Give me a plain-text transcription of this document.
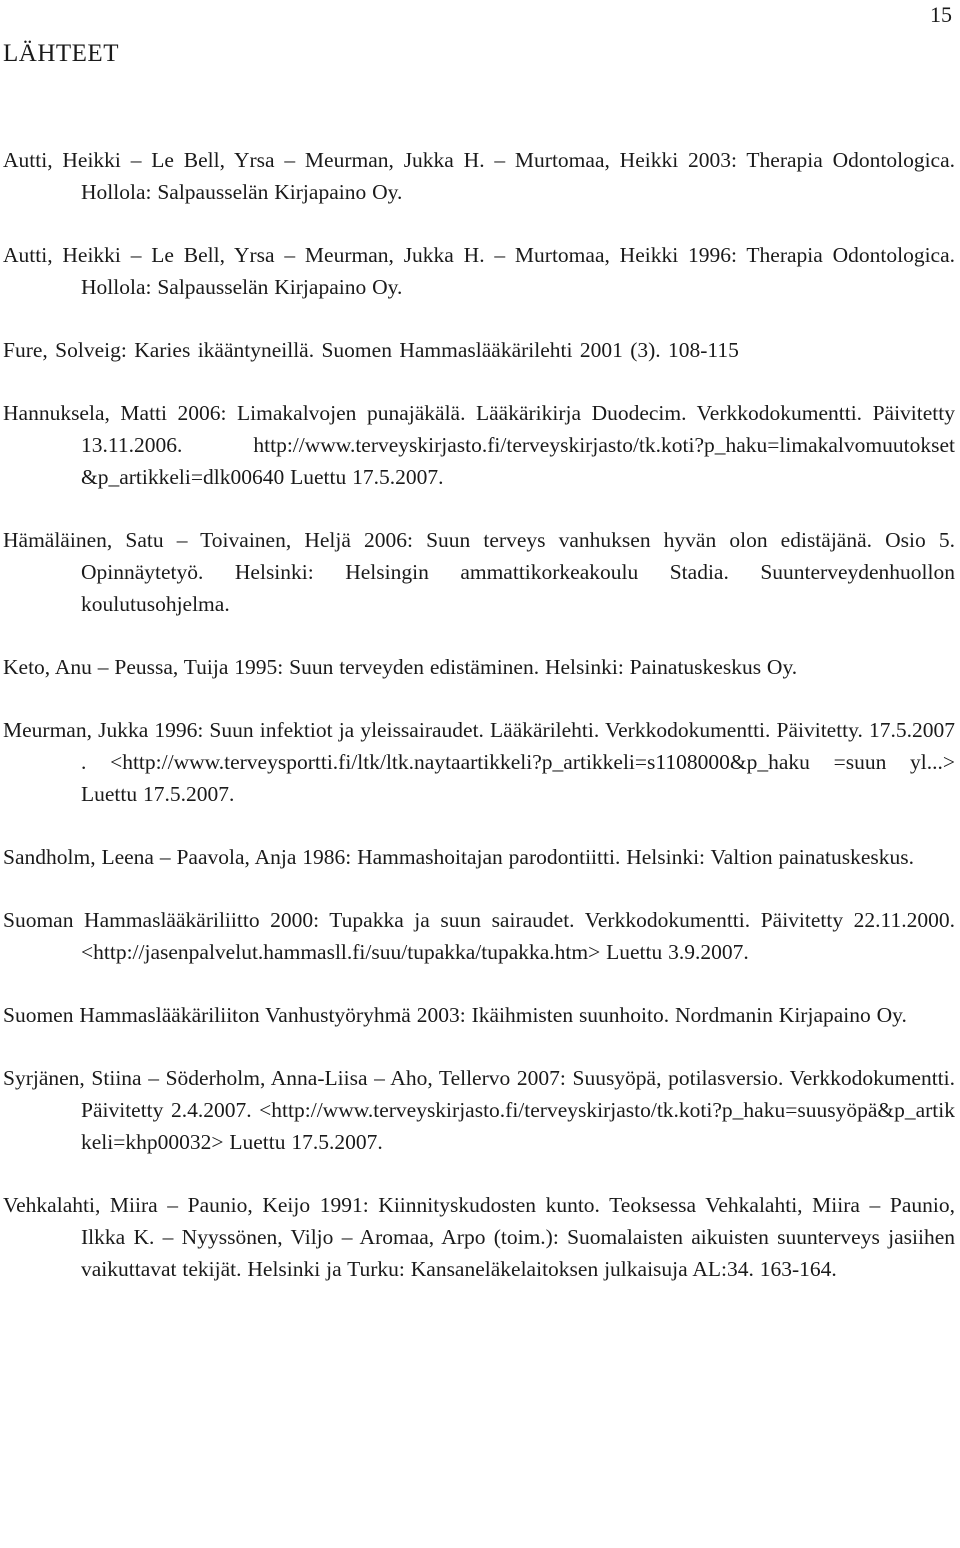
15
LÄHTEET

Autti, Heikki – Le Bell, Yrsa – Meurman, Jukka H. – Murtomaa, Heikki 2003: Therapia Odontologica. Hollola: Salpausselän Kirjapaino Oy.

Autti, Heikki – Le Bell, Yrsa – Meurman, Jukka H. – Murtomaa, Heikki 1996: Therapia Odontologica. Hollola: Salpausselän Kirjapaino Oy.

Fure, Solveig: Karies ikääntyneillä. Suomen Hammaslääkärilehti 2001 (3). 108-115

Hannuksela, Matti 2006: Limakalvojen punajäkälä. Lääkärikirja Duodecim. Verkkodokumentti. Päivitetty 13.11.2006. http://www.terveyskirjasto.fi/terveyskirjasto/tk.koti?p_haku=limakalvomuutokset &p_artikkeli=dlk00640 Luettu 17.5.2007.

Hämäläinen, Satu – Toivainen, Heljä 2006: Suun terveys vanhuksen hyvän olon edistäjänä. Osio 5. Opinnäytetyö. Helsinki: Helsingin ammattikorkeakoulu Stadia. Suunterveydenhuollon koulutusohjelma.

Keto, Anu – Peussa, Tuija 1995: Suun terveyden edistäminen. Helsinki: Painatuskeskus Oy.

Meurman, Jukka 1996: Suun infektiot ja yleissairaudet. Lääkärilehti. Verkkodokumentti. Päivitetty. 17.5.2007 . <http://www.terveysportti.fi/ltk/ltk.naytaartikkeli?p_artikkeli=s1108000&p_haku =suun yl...> Luettu 17.5.2007.

Sandholm, Leena – Paavola, Anja 1986: Hammashoitajan parodontiitti. Helsinki: Valtion painatuskeskus.

Suoman Hammaslääkäriliitto 2000: Tupakka ja suun sairaudet. Verkkodokumentti. Päivitetty 22.11.2000. <http://jasenpalvelut.hammasll.fi/suu/tupakka/tupakka.htm> Luettu 3.9.2007.

Suomen Hammaslääkäriliiton Vanhustyöryhmä 2003: Ikäihmisten suunhoito. Nordmanin Kirjapaino Oy.

Syrjänen, Stiina – Söderholm, Anna-Liisa – Aho, Tellervo 2007: Suusyöpä, potilasversio. Verkkodokumentti. Päivitetty 2.4.2007. <http://www.terveyskirjasto.fi/terveyskirjasto/tk.koti?p_haku=suusyöpä&p_artik keli=khp00032> Luettu 17.5.2007.

Vehkalahti, Miira – Paunio, Keijo 1991: Kiinnityskudosten kunto. Teoksessa Vehkalahti, Miira – Paunio, Ilkka K. – Nyyssönen, Viljo – Aromaa, Arpo (toim.): Suomalaisten aikuisten suunterveys jasiihen vaikuttavat tekijät. Helsinki ja Turku: Kansaneläkelaitoksen julkaisuja AL:34. 163-164.
